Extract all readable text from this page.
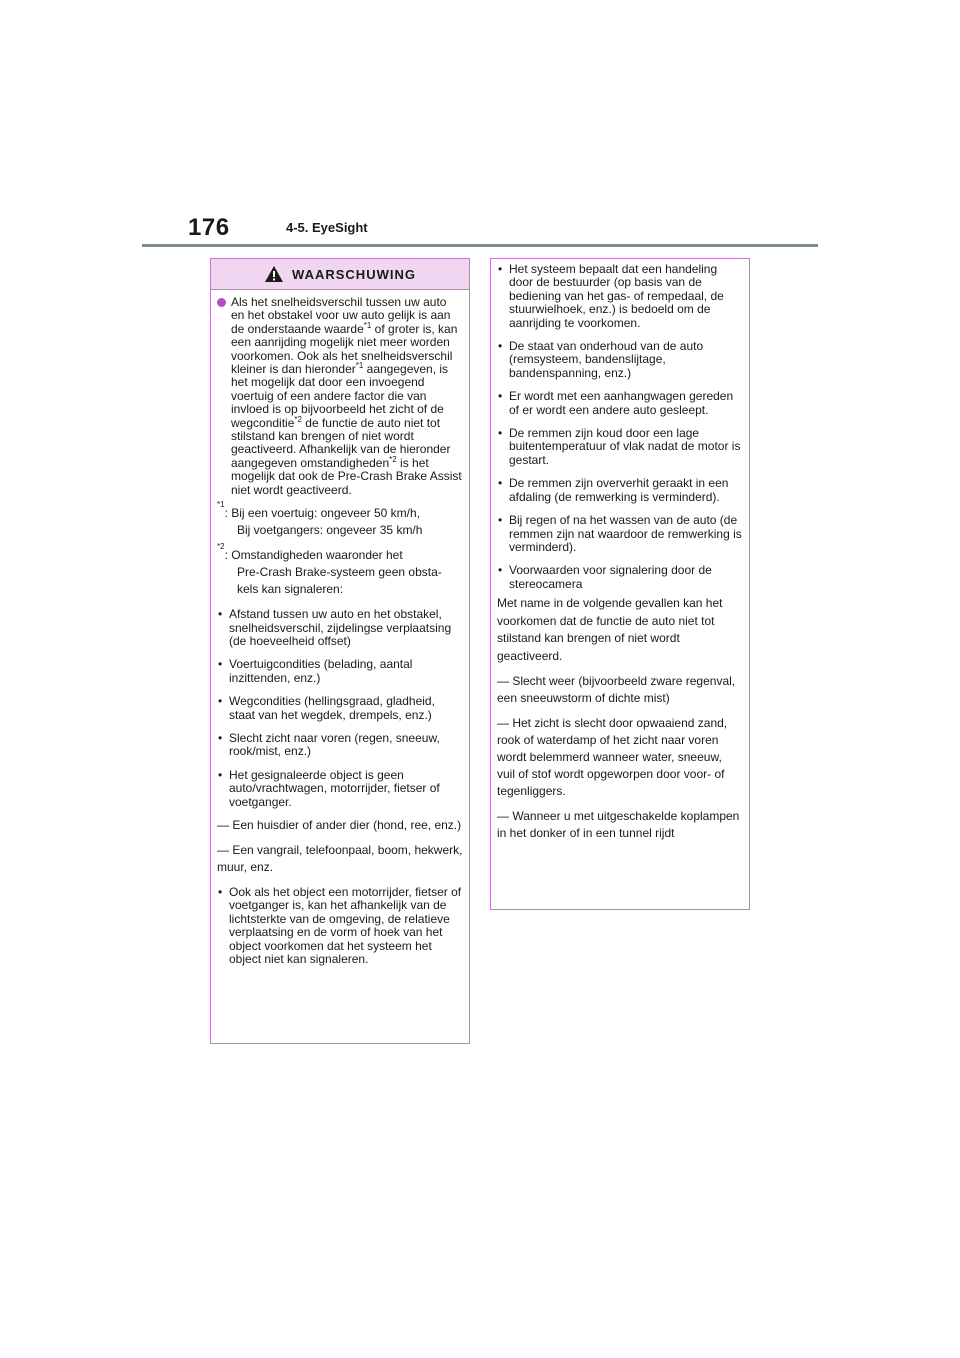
176	4-5. EyeSight
WAARSCHUWING

Als het snelheidsverschil tussen uw auto en het obstakel voor uw auto gelijk is aan de onderstaande waarde$^{*1}$ of groter is, kan een aanrijding mogelijk niet meer worden voorkomen. Ook als het snelheidsverschil kleiner is dan hieronder$^{*1}$ aangegeven, is het mogelijk dat door een invoegend voertuig of een andere factor die van invloed is op bijvoorbeeld het zicht of de wegconditie$^{*2}$ de functie de auto niet tot stilstand kan brengen of niet wordt geactiveerd. Afhankelijk van de hieronder aangegeven omstandigheden$^{*2}$ is het mogelijk dat ook de Pre-Crash Brake Assist niet wordt geactiveerd.

*1
: Bij een voertuig: ongeveer 50 km/h,
Bij voetgangers: ongeveer 35 km/h
*2
: Omstandigheden waaronder het
Pre-Crash Brake-systeem geen obsta-
kels kan signaleren:
• Afstand tussen uw auto en het obstakel, snelheidsverschil, zijdelingse verplaatsing (de hoeveelheid offset)
• Voertuigcondities (belading, aantal inzittenden, enz.)
• Wegcondities (hellingsgraad, gladheid, staat van het wegdek, drempels, enz.)
• Slecht zicht naar voren (regen, sneeuw, rook/mist, enz.)
• Het gesignaleerde object is geen auto/vrachtwagen, motorrijder, fietser of voetganger.
— Een huisdier of ander dier (hond, ree, enz.)
— Een vangrail, telefoonpaal, boom, hekwerk, muur, enz.
• Ook als het object een motorrijder, fietser of voetganger is, kan het afhankelijk van de lichtsterkte van de omgeving, de relatieve verplaatsing en de vorm of hoek van het object voorkomen dat het systeem het object niet kan signaleren.
• Het systeem bepaalt dat een handeling door de bestuurder (op basis van de bediening van het gas- of rempedaal, de stuurwielhoek, enz.) is bedoeld om de aanrijding te voorkomen.
• De staat van onderhoud van de auto (remsysteem, bandenslijtage, bandenspanning, enz.)
• Er wordt met een aanhangwagen gereden of er wordt een andere auto gesleept.
• De remmen zijn koud door een lage buitentemperatuur of vlak nadat de motor is gestart.
• De remmen zijn oververhit geraakt in een afdaling (de remwerking is verminderd).
• Bij regen of na het wassen van de auto (de remmen zijn nat waardoor de remwerking is verminderd).
• Voorwaarden voor signalering door de stereocamera
Met name in de volgende gevallen kan het voorkomen dat de functie de auto niet tot stilstand kan brengen of niet wordt geactiveerd.
— Slecht weer (bijvoorbeeld zware regenval, een sneeuwstorm of dichte mist)
— Het zicht is slecht door opwaaiend zand, rook of waterdamp of het zicht naar voren wordt belemmerd wanneer water, sneeuw, vuil of stof wordt opgeworpen door voor- of tegenliggers.
— Wanneer u met uitgeschakelde koplampen in het donker of in een tunnel rijdt
